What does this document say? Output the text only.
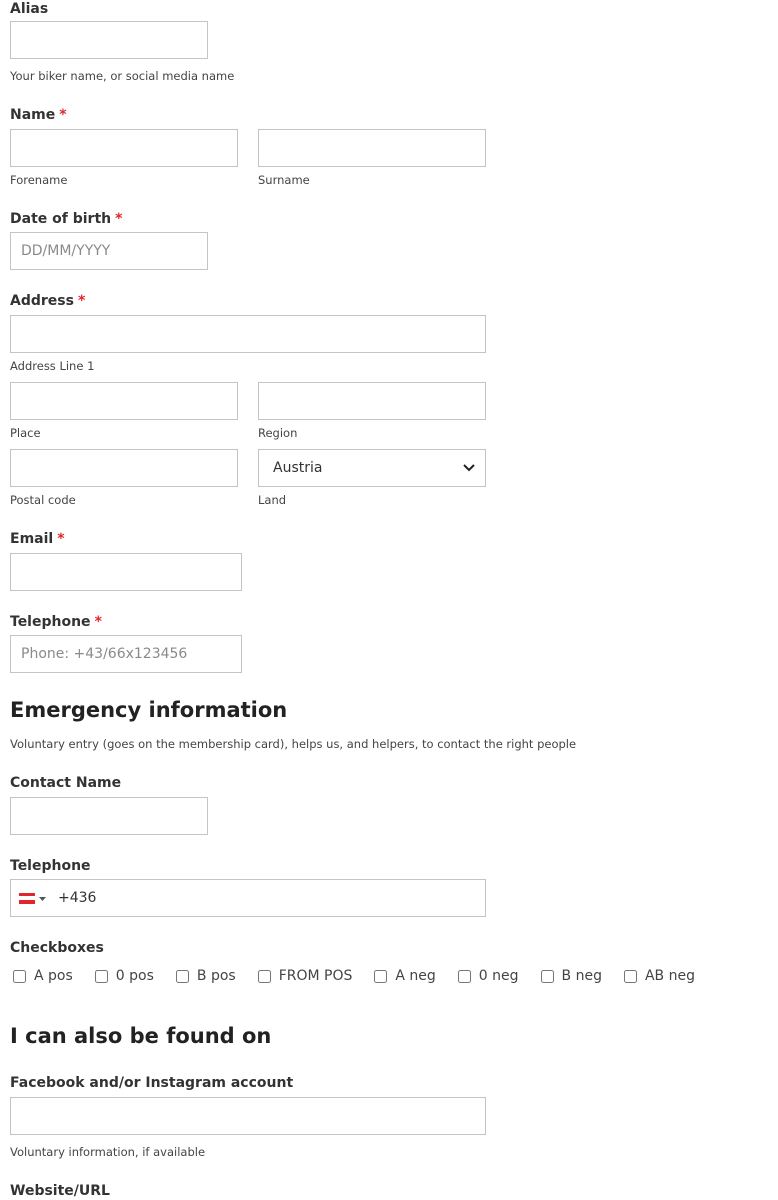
Alias
Your biker name, or social media name
Name *
Forename	Surname
Date of birth *
DD/MM/YYYY
Address *
Address Line 1
Place	Region
Austria
Postal code	Land
Email *
Telephone *
Phone: +43/66x123456
Emergency information
Voluntary entry (goes on the membership card), helps us, and helpers, to contact the right people
Contact Name
Telephone
+436
Checkboxes
A pos	0 pos	B pos	FROM POS	A neg	0 neg	B neg	AB neg
I can also be found on
Facebook and/or Instagram account
Voluntary information, if available
Website/URL
